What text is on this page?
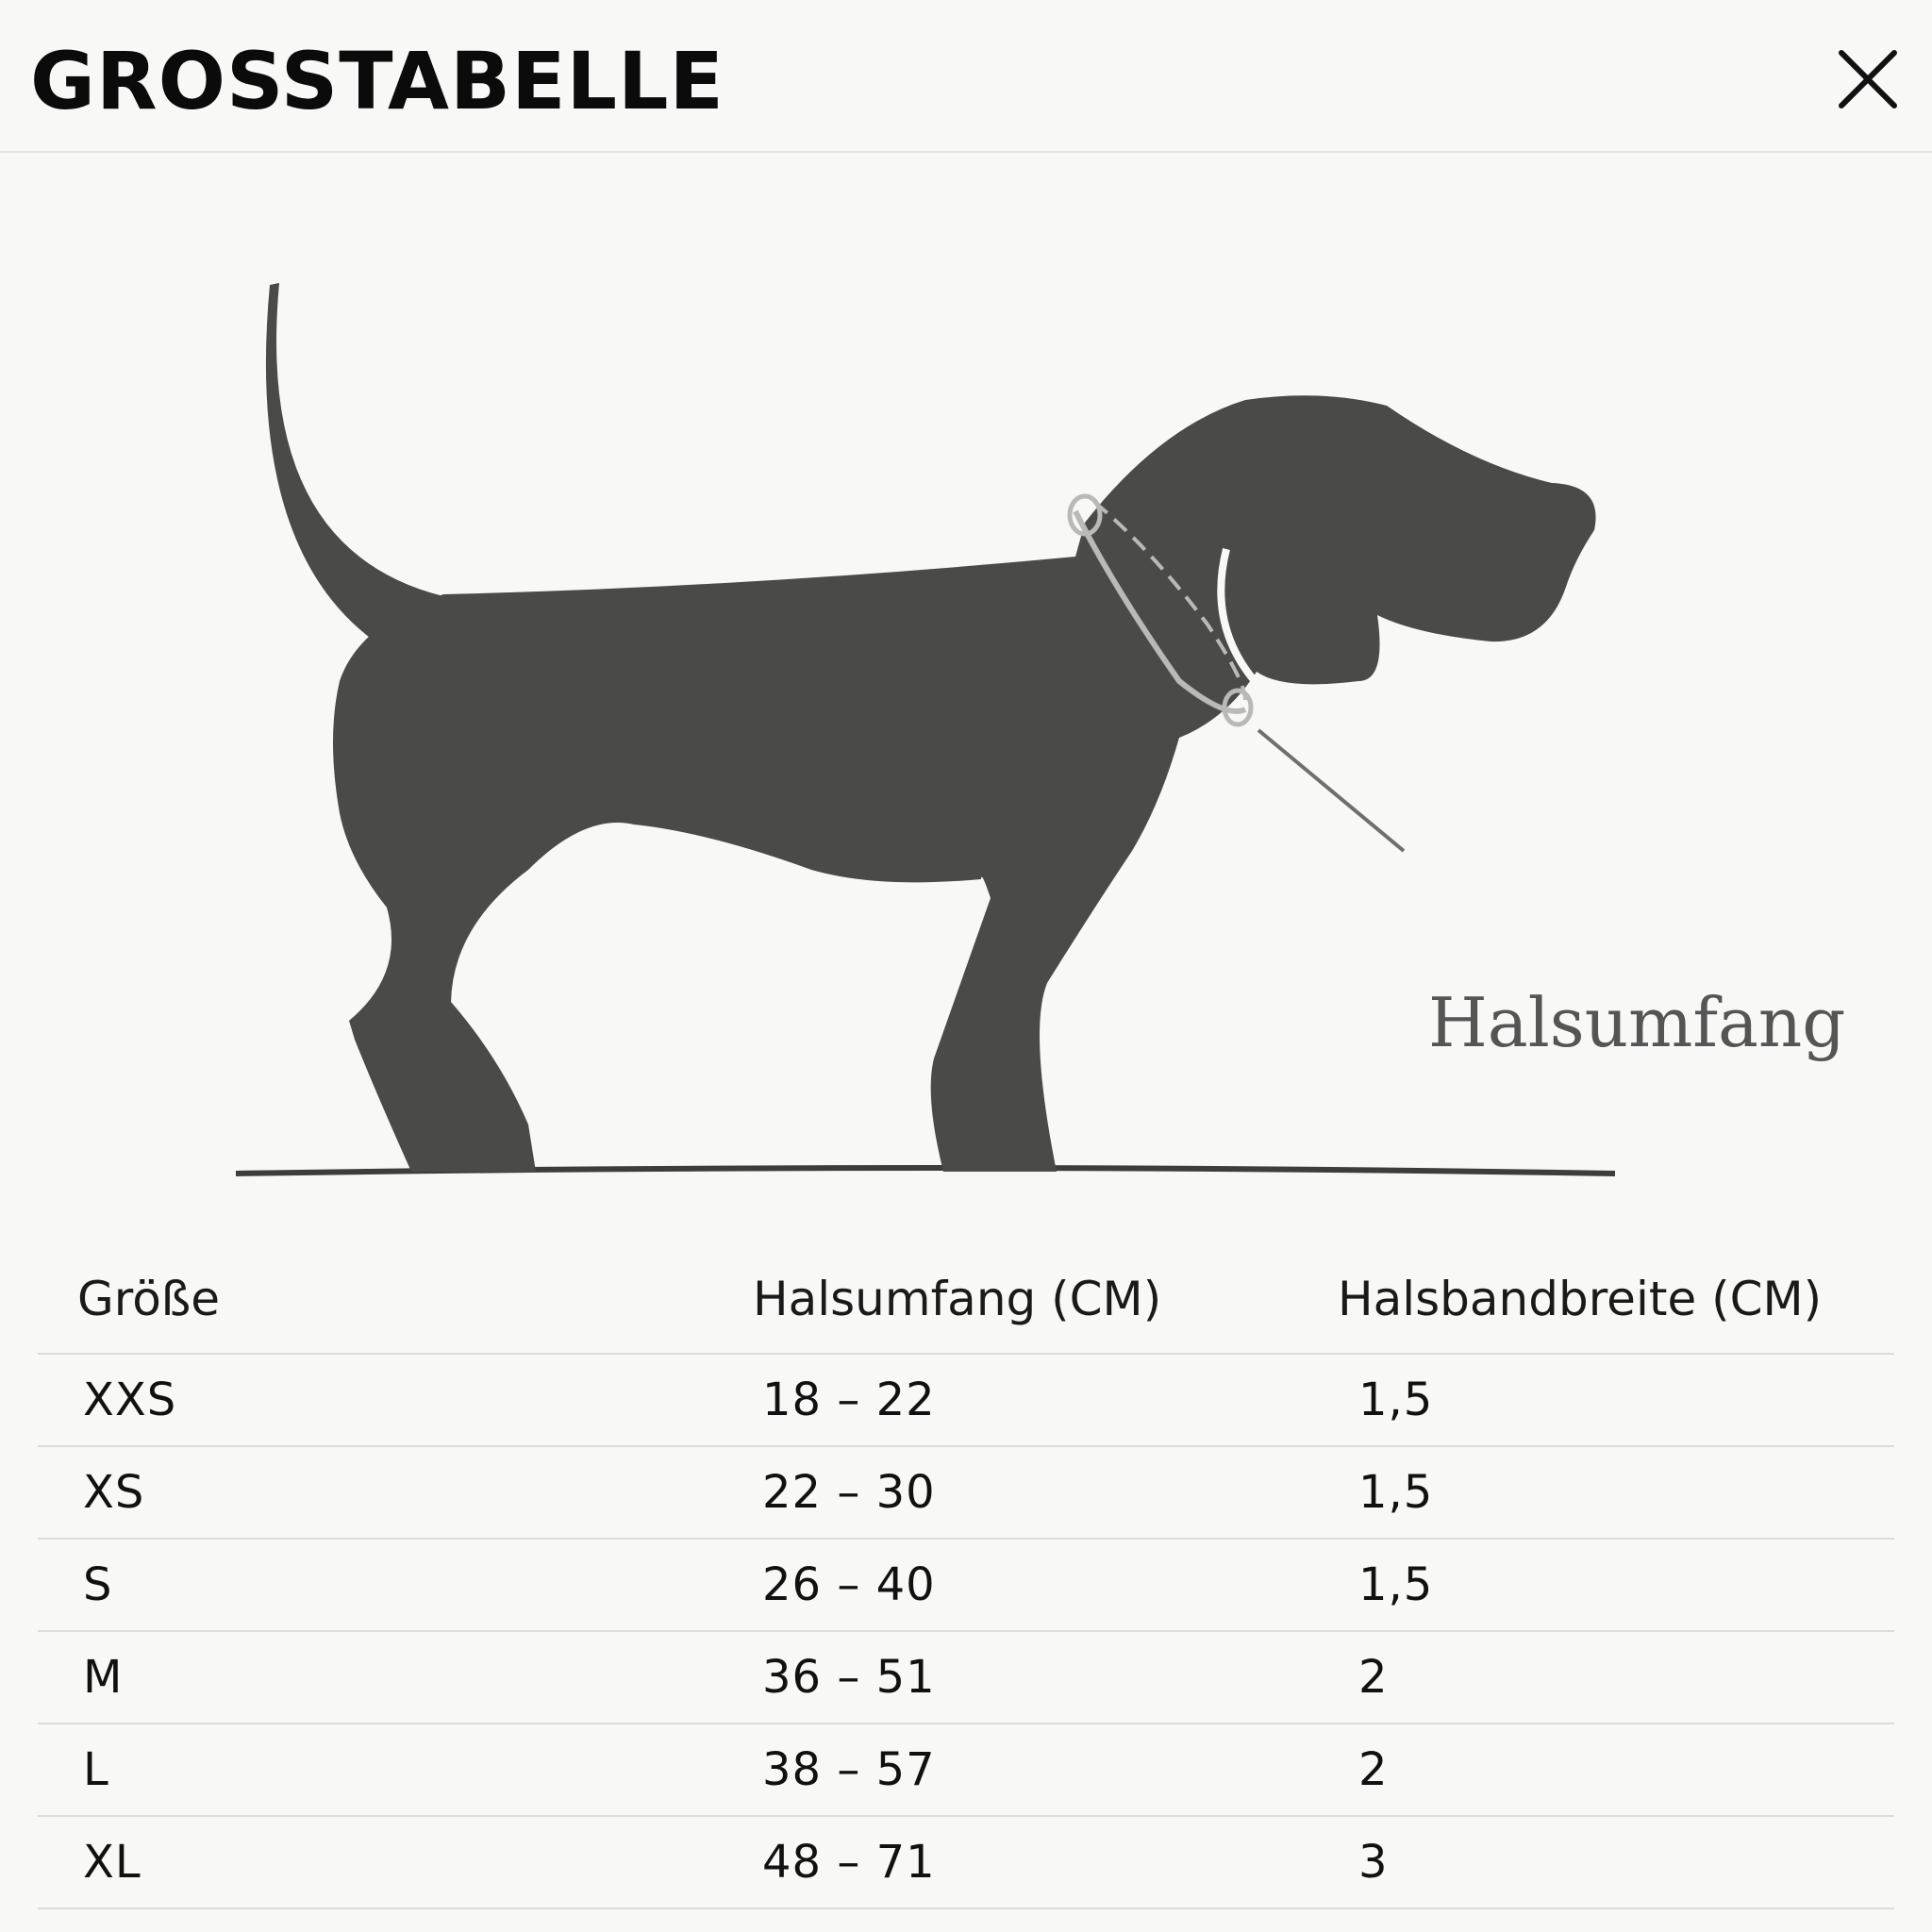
GROSSTABELLE
Halsumfang
Größe	Halsumfang (CM)	Halsbandbreite (CM)
XXS	18 – 22	1,5
XS	22 – 30	1,5
S	26 – 40	1,5
M	36 – 51	2
L	38 – 57	2
XL	48 – 71	3
